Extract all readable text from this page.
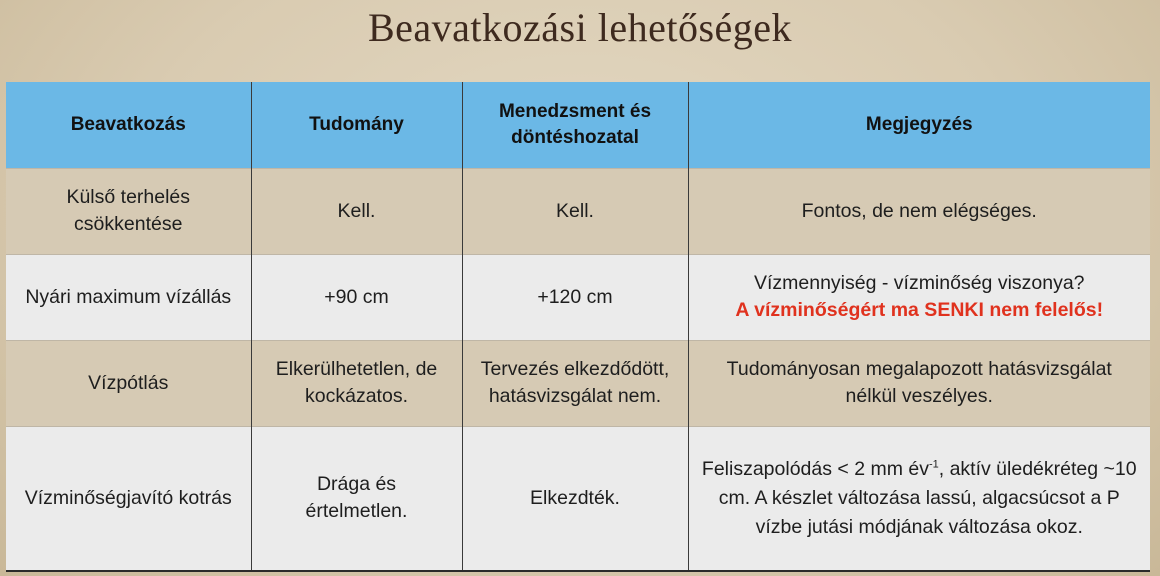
Beavatkozási lehetőségek
Beavatkozás	Tudomány	Menedzsment és döntéshozatal	Megjegyzés
Külső terhelés csökkentése	Kell.	Kell.	Fontos, de nem elégséges.
Nyári maximum vízállás	+90 cm	+120 cm	Vízmennyiség - vízminőség viszonya?
A vízminőségért ma SENKI nem felelős!

Vízpótlás	Elkerülhetetlen, de kockázatos.	Tervezés elkezdődött, hatásvizsgálat nem.	Tudományosan megalapozott hatásvizsgálat nélkül veszélyes.
Vízminőségjavító kotrás	Drága és értelmetlen.	Elkezdték.	Feliszapolódás < 2 mm $év^{-1}$, aktív üledékréteg ~10 cm. A készlet változása lassú, algacsúcsot a P vízbe jutási módjának változása okoz.
